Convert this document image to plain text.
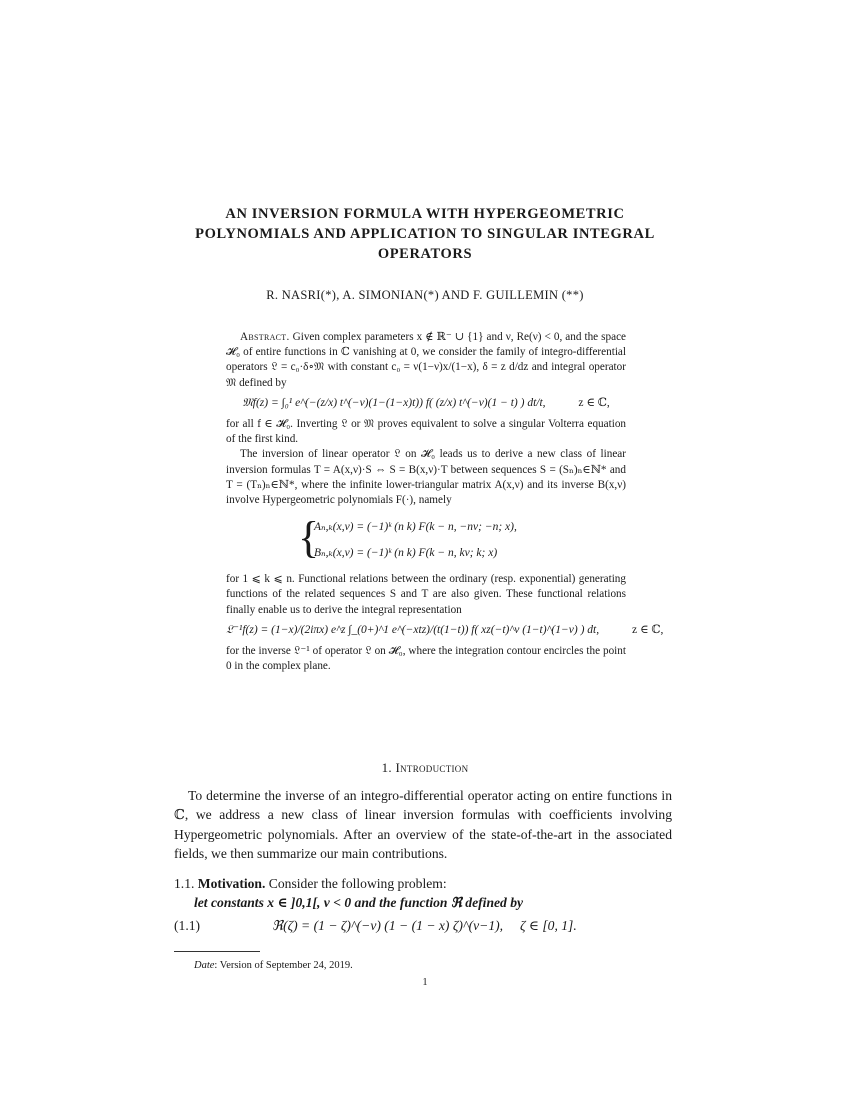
AN INVERSION FORMULA WITH HYPERGEOMETRIC
POLYNOMIALS AND APPLICATION TO SINGULAR INTEGRAL
OPERATORS
R. NASRI(*), A. SIMONIAN(*) AND F. GUILLEMIN (**)

Abstract. Given complex parameters x ∉ ℝ⁻ ∪ {1} and ν, Re(ν) < 0, and the space 𝓗₀ of entire functions in ℂ vanishing at 0, we consider the family of integro-differential operators 𝔏 = c₀·δ∘𝔐 with constant c₀ = ν(1−ν)x/(1−x), δ = z d/dz and integral operator 𝔐 defined by

𝔐f(z) = ∫₀¹ e^(−(z/x) t^(−ν)(1−(1−x)t)) f( (z/x) t^(−ν)(1 − t) ) dt/t,	z ∈ ℂ,

for all f ∈ 𝓗₀. Inverting 𝔏 or 𝔐 proves equivalent to solve a singular Volterra equation of the first kind.

The inversion of linear operator 𝔏 on 𝓗₀ leads us to derive a new class of linear inversion formulas T = A(x,ν)·S ⇔ S = B(x,ν)·T between sequences S = (Sₙ)ₙ∈ℕ* and T = (Tₙ)ₙ∈ℕ*, where the infinite lower-triangular matrix A(x,ν) and its inverse B(x,ν) involve Hypergeometric polynomials F(·), namely

{
Aₙ,ₖ(x,ν) = (−1)ᵏ (n k) F(k − n, −nν; −n; x),
Bₙ,ₖ(x,ν) = (−1)ᵏ (n k) F(k − n, kν; k; x)

for 1 ⩽ k ⩽ n. Functional relations between the ordinary (resp. exponential) generating functions of the related sequences S and T are also given. These functional relations finally enable us to derive the integral representation

𝔏⁻¹f(z) = (1−x)/(2iπx) e^z ∫_(0+)^1 e^(−xtz)/(t(1−t)) f( xz(−t)^ν (1−t)^(1−ν) ) dt,	z ∈ ℂ,

for the inverse 𝔏⁻¹ of operator 𝔏 on 𝓗₀, where the integration contour encircles the point 0 in the complex plane.

1. Introduction

To determine the inverse of an integro-differential operator acting on entire functions in ℂ, we address a new class of linear inversion formulas with coefficients involving Hypergeometric polynomials. After an overview of the state-of-the-art in the associated fields, we then summarize our main contributions.

1.1. Motivation. Consider the following problem:

let constants x ∈ ]0,1[, ν < 0 and the function ℜ defined by

(1.1)	ℜ(ζ) = (1 − ζ)^(−ν) (1 − (1 − x) ζ)^(ν−1), ζ ∈ [0, 1].
Date: Version of September 24, 2019.
1
